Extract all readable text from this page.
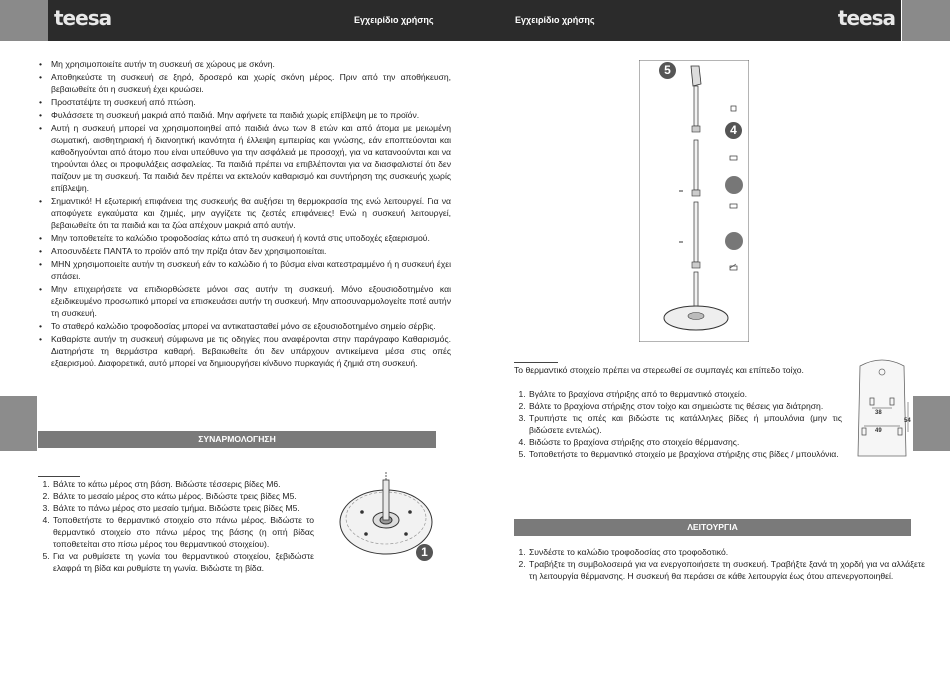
teesa	Εγχειρίδιο χρήσης	Εγχειρίδιο χρήσης	teesa
• Μη χρησιμοποιείτε αυτήν τη συσκευή σε χώρους με σκόνη.
• Αποθηκεύστε τη συσκευή σε ξηρό, δροσερό και χωρίς σκόνη μέρος. Πριν από την αποθήκευση, βεβαιωθείτε ότι η συσκευή έχει κρυώσει.
• Προστατέψτε τη συσκευή από πτώση.
• Φυλάσσετε τη συσκευή μακριά από παιδιά. Μην αφήνετε τα παιδιά χωρίς επίβλεψη με το προϊόν.
• Αυτή η συσκευή μπορεί να χρησιμοποιηθεί από παιδιά άνω των 8 ετών και από άτομα με μειωμένη σωματική, αισθητηριακή ή διανοητική ικανότητα ή έλλειψη εμπειρίας και γνώσης, εάν εποπτεύονται και καθοδηγούνται από άτομο που είναι υπεύθυνο για την ασφάλειά με προσοχή, για να κατανοούνται και να τηρούνται όλες οι προφυλάξεις ασφαλείας. Τα παιδιά πρέπει να επιβλέπονται για να διασφαλιστεί ότι δεν παίζουν με τη συσκευή. Τα παιδιά δεν πρέπει να εκτελούν καθαρισμό και συντήρηση της συσκευής χωρίς επίβλεψη.
• Σημαντικό! Η εξωτερική επιφάνεια της συσκευής θα αυξήσει τη θερμοκρασία της ενώ λειτουργεί. Για να αποφύγετε εγκαύματα και ζημιές, μην αγγίζετε τις ζεστές επιφάνειες! Ενώ η συσκευή λειτουργεί, βεβαιωθείτε ότι τα παιδιά και τα ζώα απέχουν μακριά από αυτήν.
• Μην τοποθετείτε το καλώδιο τροφοδοσίας κάτω από τη συσκευή ή κοντά στις υποδοχές εξαερισμού.
• Αποσυνδέετε ΠΑΝΤΑ το προϊόν από την πρίζα όταν δεν χρησιμοποιείται.
• ΜΗΝ χρησιμοποιείτε αυτήν τη συσκευή εάν το καλώδιο ή το βύσμα είναι κατεστραμμένο ή η συσκευή έχει σπάσει.
• Μην επιχειρήσετε να επιδιορθώσετε μόνοι σας αυτήν τη συσκευή. Μόνο εξουσιοδοτημένο και εξειδικευμένο προσωπικό μπορεί να επισκευάσει αυτήν τη συσκευή. Μην αποσυναρμολογείτε ποτέ αυτήν τη συσκευή.
• Το σταθερό καλώδιο τροφοδοσίας μπορεί να αντικατασταθεί μόνο σε εξουσιοδοτημένο σημείο σέρβις.
• Καθαρίστε αυτήν τη συσκευή σύμφωνα με τις οδηγίες που αναφέρονται στην παράγραφο Καθαρισμός. Διατηρήστε τη θερμάστρα καθαρή. Βεβαιωθείτε ότι δεν υπάρχουν αντικείμενα μέσα στις οπές εξαερισμού. Διαφορετικά, αυτό μπορεί να δημιουργήσει κίνδυνο πυρκαγιάς ή ζημιά στη συσκευή.
ΣΥΝΑΡΜΟΛΟΓΗΣΗ
1. Βάλτε το κάτω μέρος στη βάση. Βιδώστε τέσσερις βίδες M6.
2. Βάλτε το μεσαίο μέρος στο κάτω μέρος. Βιδώστε τρεις βίδες M5.
3. Βάλτε το πάνω μέρος στο μεσαίο τμήμα. Βιδώστε τρεις βίδες M5.
4. Τοποθετήστε το θερμαντικό στοιχείο στο πάνω μέρος. Βιδώστε το θερμαντικό στοιχείο στο πάνω μέρος της βάσης (η οπή βίδας τοποθετείται στο πίσω μέρος του θερμαντικού στοιχείου).
5. Για να ρυθμίσετε τη γωνία του θερμαντικού στοιχείου, ξεβιδώστε ελαφρά τη βίδα και ρυθμίστε τη γωνία. Βιδώστε τη βίδα.
1
5
4
Το θερμαντικό στοιχείο πρέπει να στερεωθεί σε συμπαγές και επίπεδο τοίχο.
1. Βγάλτε το βραχίονα στήριξης από το θερμαντικό στοιχείο.
2. Βάλτε το βραχίονα στήριξης στον τοίχο και σημειώστε τις θέσεις για διάτρηση.
3. Τρυπήστε τις οπές και βιδώστε τις κατάλληλες βίδες ή μπουλόνια (μην τις βιδώσετε εντελώς).
4. Βιδώστε το βραχίονα στήριξης στο στοιχείο θέρμανσης.
5. Τοποθετήστε το θερμαντικό στοιχείο με βραχίονα στήριξης στις βίδες / μπουλόνια.
38
49
54
ΛΕΙΤΟΥΡΓΙΑ
1. Συνδέστε το καλώδιο τροφοδοσίας στο τροφοδοτικό.
2. Τραβήξτε τη συμβολοσειρά για να ενεργοποιήσετε τη συσκευή. Τραβήξτε ξανά τη χορδή για να αλλάξετε τη λειτουργία θέρμανσης. Η συσκευή θα περάσει σε κάθε λειτουργία έως ότου απενεργοποιηθεί.
